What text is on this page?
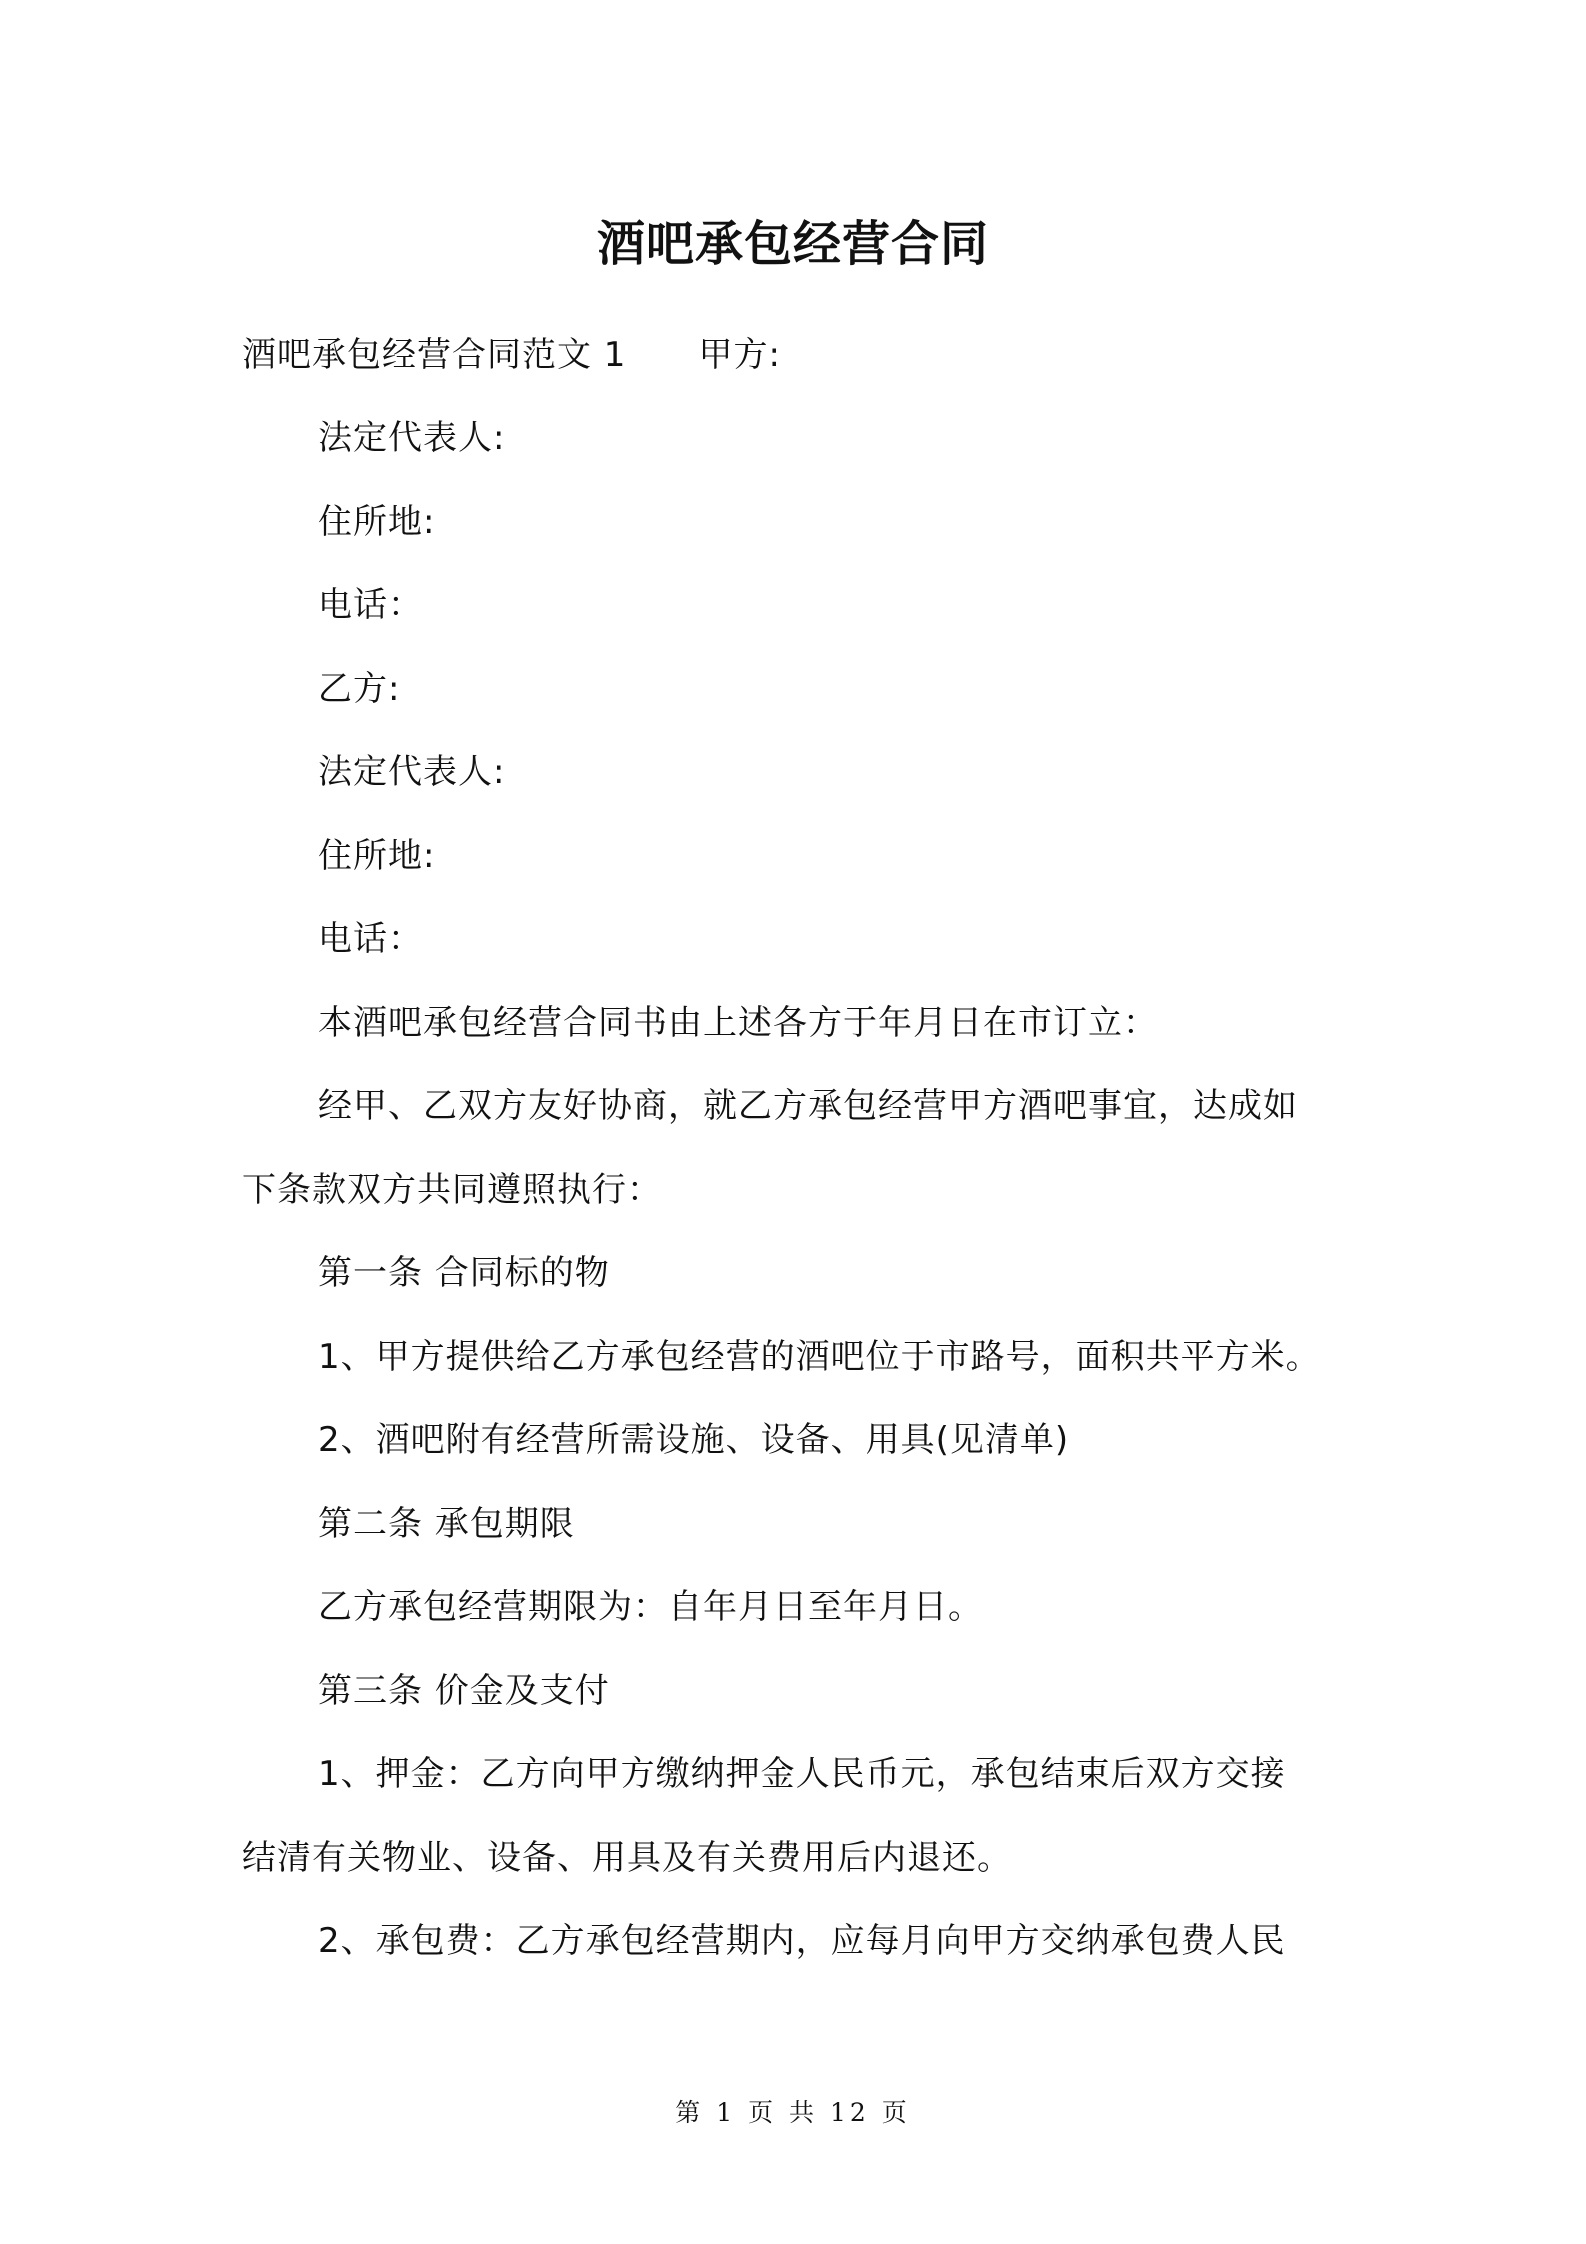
酒吧承包经营合同
酒吧承包经营合同范文 1 甲方:
法定代表人:
住所地:
电话：
乙方:
法定代表人:
住所地:
电话：
本酒吧承包经营合同书由上述各方于年月日在市订立：
经甲、乙双方友好协商，就乙方承包经营甲方酒吧事宜，达成如
下条款双方共同遵照执行：
第一条 合同标的物
1、甲方提供给乙方承包经营的酒吧位于市路号，面积共平方米。
2、酒吧附有经营所需设施、设备、用具(见清单)
第二条 承包期限
乙方承包经营期限为：自年月日至年月日。
第三条 价金及支付
1、押金：乙方向甲方缴纳押金人民币元，承包结束后双方交接
结清有关物业、设备、用具及有关费用后内退还。
2、承包费：乙方承包经营期内，应每月向甲方交纳承包费人民
第 1 页 共 12 页
